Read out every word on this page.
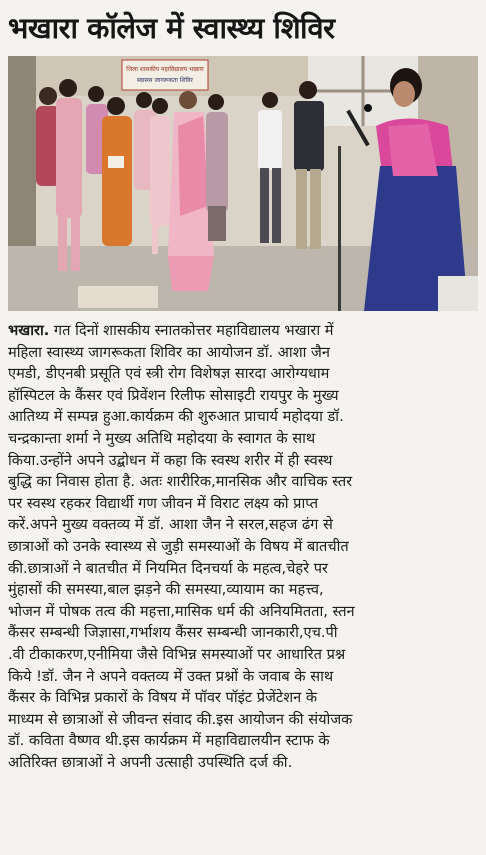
भखारा कॉलेज में स्वास्थ्य शिविर
जिला शासकीय महाविद्यालय भखारा
स्वास्थ्य जागरूकता शिविर
भखारा. गत दिनों शासकीय स्नातकोत्तर महाविद्यालय भखारा में
महिला स्वास्थ्य जागरूकता शिविर का आयोजन डॉ. आशा जैन
एमडी, डीएनबी प्रसूति एवं स्त्री रोग विशेषज्ञ सारदा आरोग्यधाम
हॉस्पिटल के कैंसर एवं प्रिवेंशन रिलीफ सोसाइटी रायपुर के मुख्य
आतिथ्य में सम्पन्न हुआ.कार्यक्रम की शुरुआत प्राचार्य महोदया डॉ.
चन्द्रकान्ता शर्मा ने मुख्य अतिथि महोदया के स्वागत के साथ
किया.उन्होंने अपने उद्बोधन में कहा कि स्वस्थ शरीर में ही स्वस्थ
बुद्धि का निवास होता है. अतः शारीरिक,मानसिक और वाचिक स्तर
पर स्वस्थ रहकर विद्यार्थी गण जीवन में विराट लक्ष्य को प्राप्त
करें.अपने मुख्य वक्तव्य में डॉ. आशा जैन ने सरल,सहज ढंग से
छात्राओं को उनके स्वास्थ्य से जुड़ी समस्याओं के विषय में बातचीत
की.छात्राओं ने बातचीत में नियमित दिनचर्या के महत्व,चेहरे पर
मुंहासों की समस्या,बाल झड़ने की समस्या,व्यायाम का महत्त्व,
भोजन में पोषक तत्व की महत्ता,मासिक धर्म की अनियमितता, स्तन
कैंसर सम्बन्धी जिज्ञासा,गर्भाशय कैंसर सम्बन्धी जानकारी,एच.पी
.वी टीकाकरण,एनीमिया जैसे विभिन्न समस्याओं पर आधारित प्रश्न
किये !डॉ. जैन ने अपने वक्तव्य में उक्त प्रश्नों के जवाब के साथ
कैंसर के विभिन्न प्रकारों के विषय में पॉवर पॉइंट प्रेजेंटेशन के
माध्यम से छात्राओं से जीवन्त संवाद की.इस आयोजन की संयोजक
डॉ. कविता वैष्णव थी.इस कार्यक्रम में महाविद्यालयीन स्टाफ के
अतिरिक्त छात्राओं ने अपनी उत्साही उपस्थिति दर्ज की.
